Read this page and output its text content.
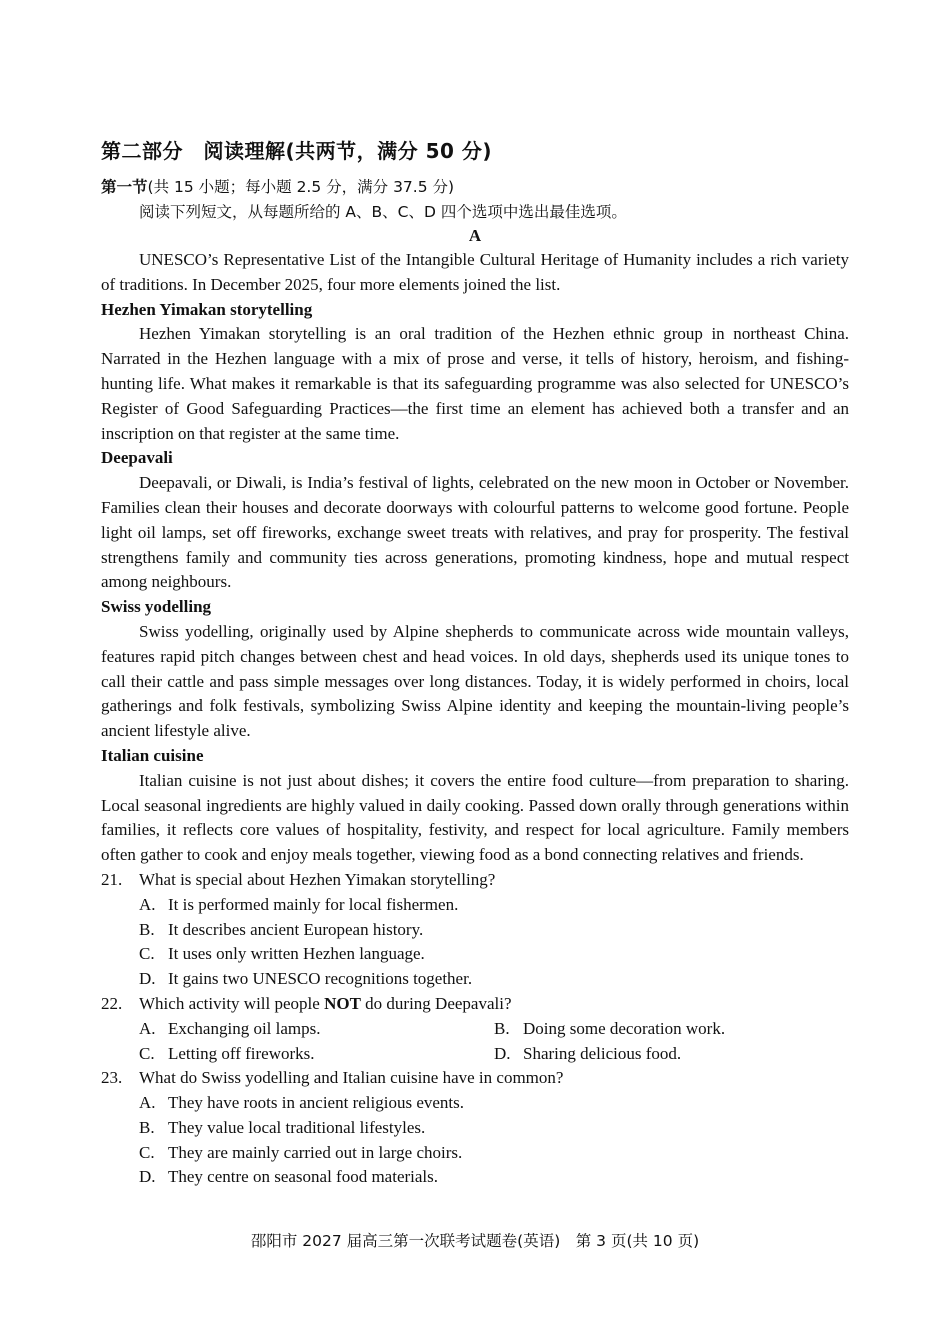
第二部分　阅读理解(共两节，满分 50 分)
第一节(共 15 小题；每小题 2.5 分，满分 37.5 分)
阅读下列短文，从每题所给的 A、B、C、D 四个选项中选出最佳选项。
A

UNESCO’s Representative List of the Intangible Cultural Heritage of Humanity includes a rich variety of traditions. In December 2025, four more elements joined the list.

Hezhen Yimakan storytelling

Hezhen Yimakan storytelling is an oral tradition of the Hezhen ethnic group in northeast China. Narrated in the Hezhen language with a mix of prose and verse, it tells of history, heroism, and fishing-hunting life. What makes it remarkable is that its safeguarding programme was also selected for UNESCO’s Register of Good Safeguarding Practices—the first time an element has achieved both a transfer and an inscription on that register at the same time.

Deepavali

Deepavali, or Diwali, is India’s festival of lights, celebrated on the new moon in October or November. Families clean their houses and decorate doorways with colourful patterns to welcome good fortune. People light oil lamps, set off fireworks, exchange sweet treats with relatives, and pray for prosperity. The festival strengthens family and community ties across generations, promoting kindness, hope and mutual respect among neighbours.

Swiss yodelling

Swiss yodelling, originally used by Alpine shepherds to communicate across wide mountain valleys, features rapid pitch changes between chest and head voices. In old days, shepherds used its unique tones to call their cattle and pass simple messages over long distances. Today, it is widely performed in choirs, local gatherings and folk festivals, symbolizing Swiss Alpine identity and keeping the mountain-living people’s ancient lifestyle alive.

Italian cuisine

Italian cuisine is not just about dishes; it covers the entire food culture—from preparation to sharing. Local seasonal ingredients are highly valued in daily cooking. Passed down orally through generations within families, it reflects core values of hospitality, festivity, and respect for local agriculture. Family members often gather to cook and enjoy meals together, viewing food as a bond connecting relatives and friends.

21. What is special about Hezhen Yimakan storytelling?
A. It is performed mainly for local fishermen.
B. It describes ancient European history.
C. It uses only written Hezhen language.
D. It gains two UNESCO recognitions together.
22. Which activity will people NOT do during Deepavali?
A. Exchanging oil lamps.	B. Doing some decoration work.
C. Letting off fireworks.	D. Sharing delicious food.
23. What do Swiss yodelling and Italian cuisine have in common?
A. They have roots in ancient religious events.
B. They value local traditional lifestyles.
C. They are mainly carried out in large choirs.
D. They centre on seasonal food materials.
邵阳市 2027 届高三第一次联考试题卷(英语)　第 3 页(共 10 页)
